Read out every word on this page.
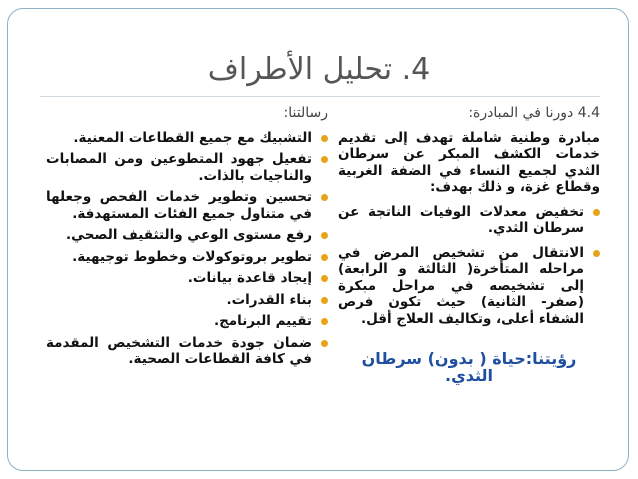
4. تحليل الأطراف
4.4 دورنا في المبادرة:
مبادرة وطنية شاملة تهدف إلى تقديم خدمات الكشف المبكر عن سرطان الثدي لجميع النساء في الضفة الغربية وقطاع غزة، و ذلك بهدف:
تخفيض معدلات الوفيات الناتجة عن سرطان الثدي.
الانتقال من تشخيص المرض في مراحله المتأخرة( الثالثة و الرابعة) إلى تشخيصه في مراحل مبكرة (صفر- الثانية) حيث تكون فرص الشفاء أعلى، وتكاليف العلاج أقل.
رؤيتنا:حياة ( بدون) سرطان الثدي.
رسالتنا:
التشبيك مع جميع القطاعات المعنية.
تفعيل جهود المتطوعين ومن المصابات والناجيات بالذات.
تحسين وتطوير خدمات الفحص وجعلها في متناول جميع الفئات المستهدفة.
رفع مستوى الوعي والتثقيف الصحي.
تطوير بروتوكولات وخطوط توجيهية.
إيجاد قاعدة بيانات.
بناء القدرات.
تقييم البرنامج.
ضمان جودة خدمات التشخيص المقدمة في كافة القطاعات الصحية.
